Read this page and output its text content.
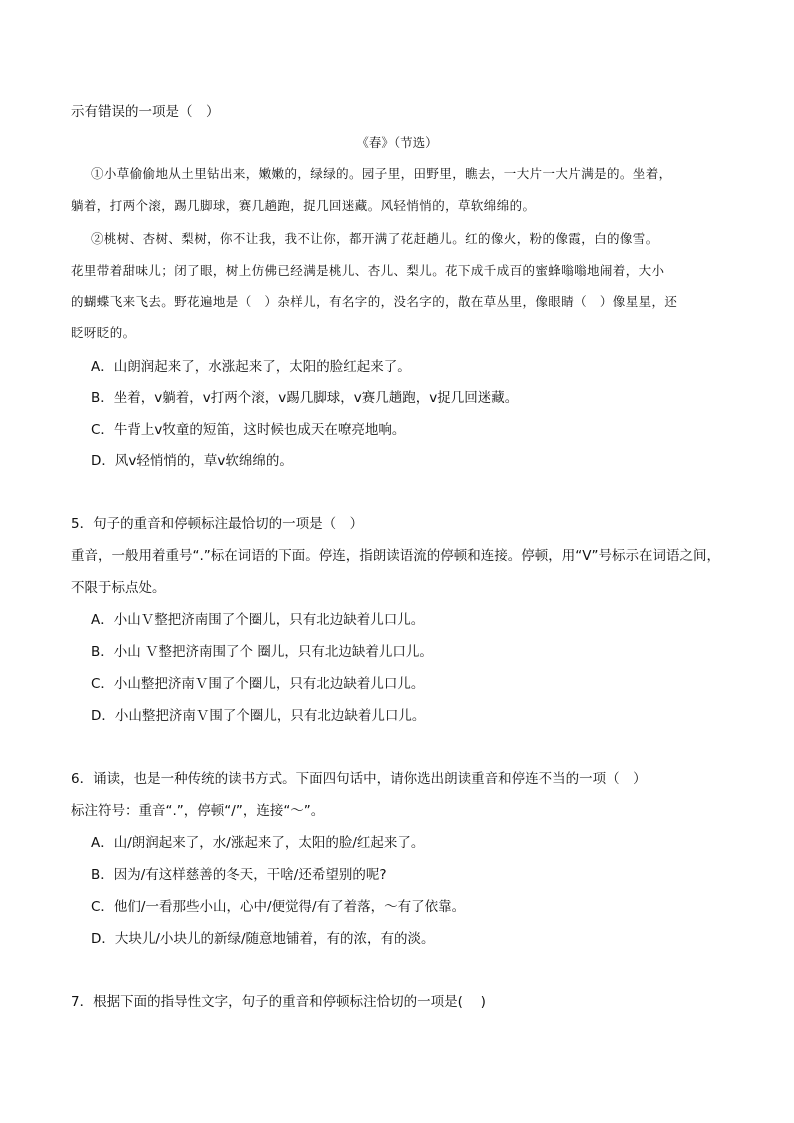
示有错误的一项是（　）
《春》（节选）
①小草偷偷地从土里钻出来，嫩嫩的，绿绿的。园子里，田野里，瞧去，一大片一大片满是的。坐着，
躺着，打两个滚，踢几脚球，赛几趟跑，捉几回迷藏。风轻悄悄的，草软绵绵的。
②桃树、杏树、梨树，你不让我，我不让你，都开满了花赶趟儿。红的像火，粉的像霞，白的像雪。
花里带着甜味儿；闭了眼，树上仿佛已经满是桃儿、杏儿、梨儿。花下成千成百的蜜蜂嗡嗡地闹着，大小
的蝴蝶飞来飞去。野花遍地是（　）杂样儿，有名字的，没名字的，散在草丛里，像眼睛（　）像星星，还
眨呀眨的。
A．山朗润起来了，水涨起来了，太阳的脸红起来了。
B．坐着，v躺着，v打两个滚，v踢几脚球，v赛几趟跑，v捉几回迷藏。
C．牛背上v牧童的短笛，这时候也成天在嘹亮地响。
D．风v轻悄悄的，草v软绵绵的。
5．句子的重音和停顿标注最恰切的一项是（　）
重音，一般用着重号“.”标在词语的下面。停连，指朗读语流的停顿和连接。停顿，用“V”号标示在词语之间，
不限于标点处。
A．小山Ｖ整把济南围了个圈儿，只有北边缺着儿口儿。
B．小山 Ｖ整把济南围了个 圈儿，只有北边缺着儿口儿。
C．小山整把济南Ｖ围了个圈儿，只有北边缺着儿口儿。
D．小山整把济南Ｖ围了个圈儿，只有北边缺着儿口儿。
6．诵读，也是一种传统的读书方式。下面四句话中，请你选出朗读重音和停连不当的一项（　）
标注符号：重音“.”，停顿“/”，连接“～”。
A．山/朗润起来了，水/涨起来了，太阳的脸/红起来了。
B．因为/有这样慈善的冬天，干啥/还希望别的呢?
C．他们/一看那些小山，心中/便觉得/有了着落，～有了依靠。
D．大块儿/小块儿的新绿/随意地铺着，有的浓，有的淡。
7．根据下面的指导性文字，句子的重音和停顿标注恰切的一项是(　 )
